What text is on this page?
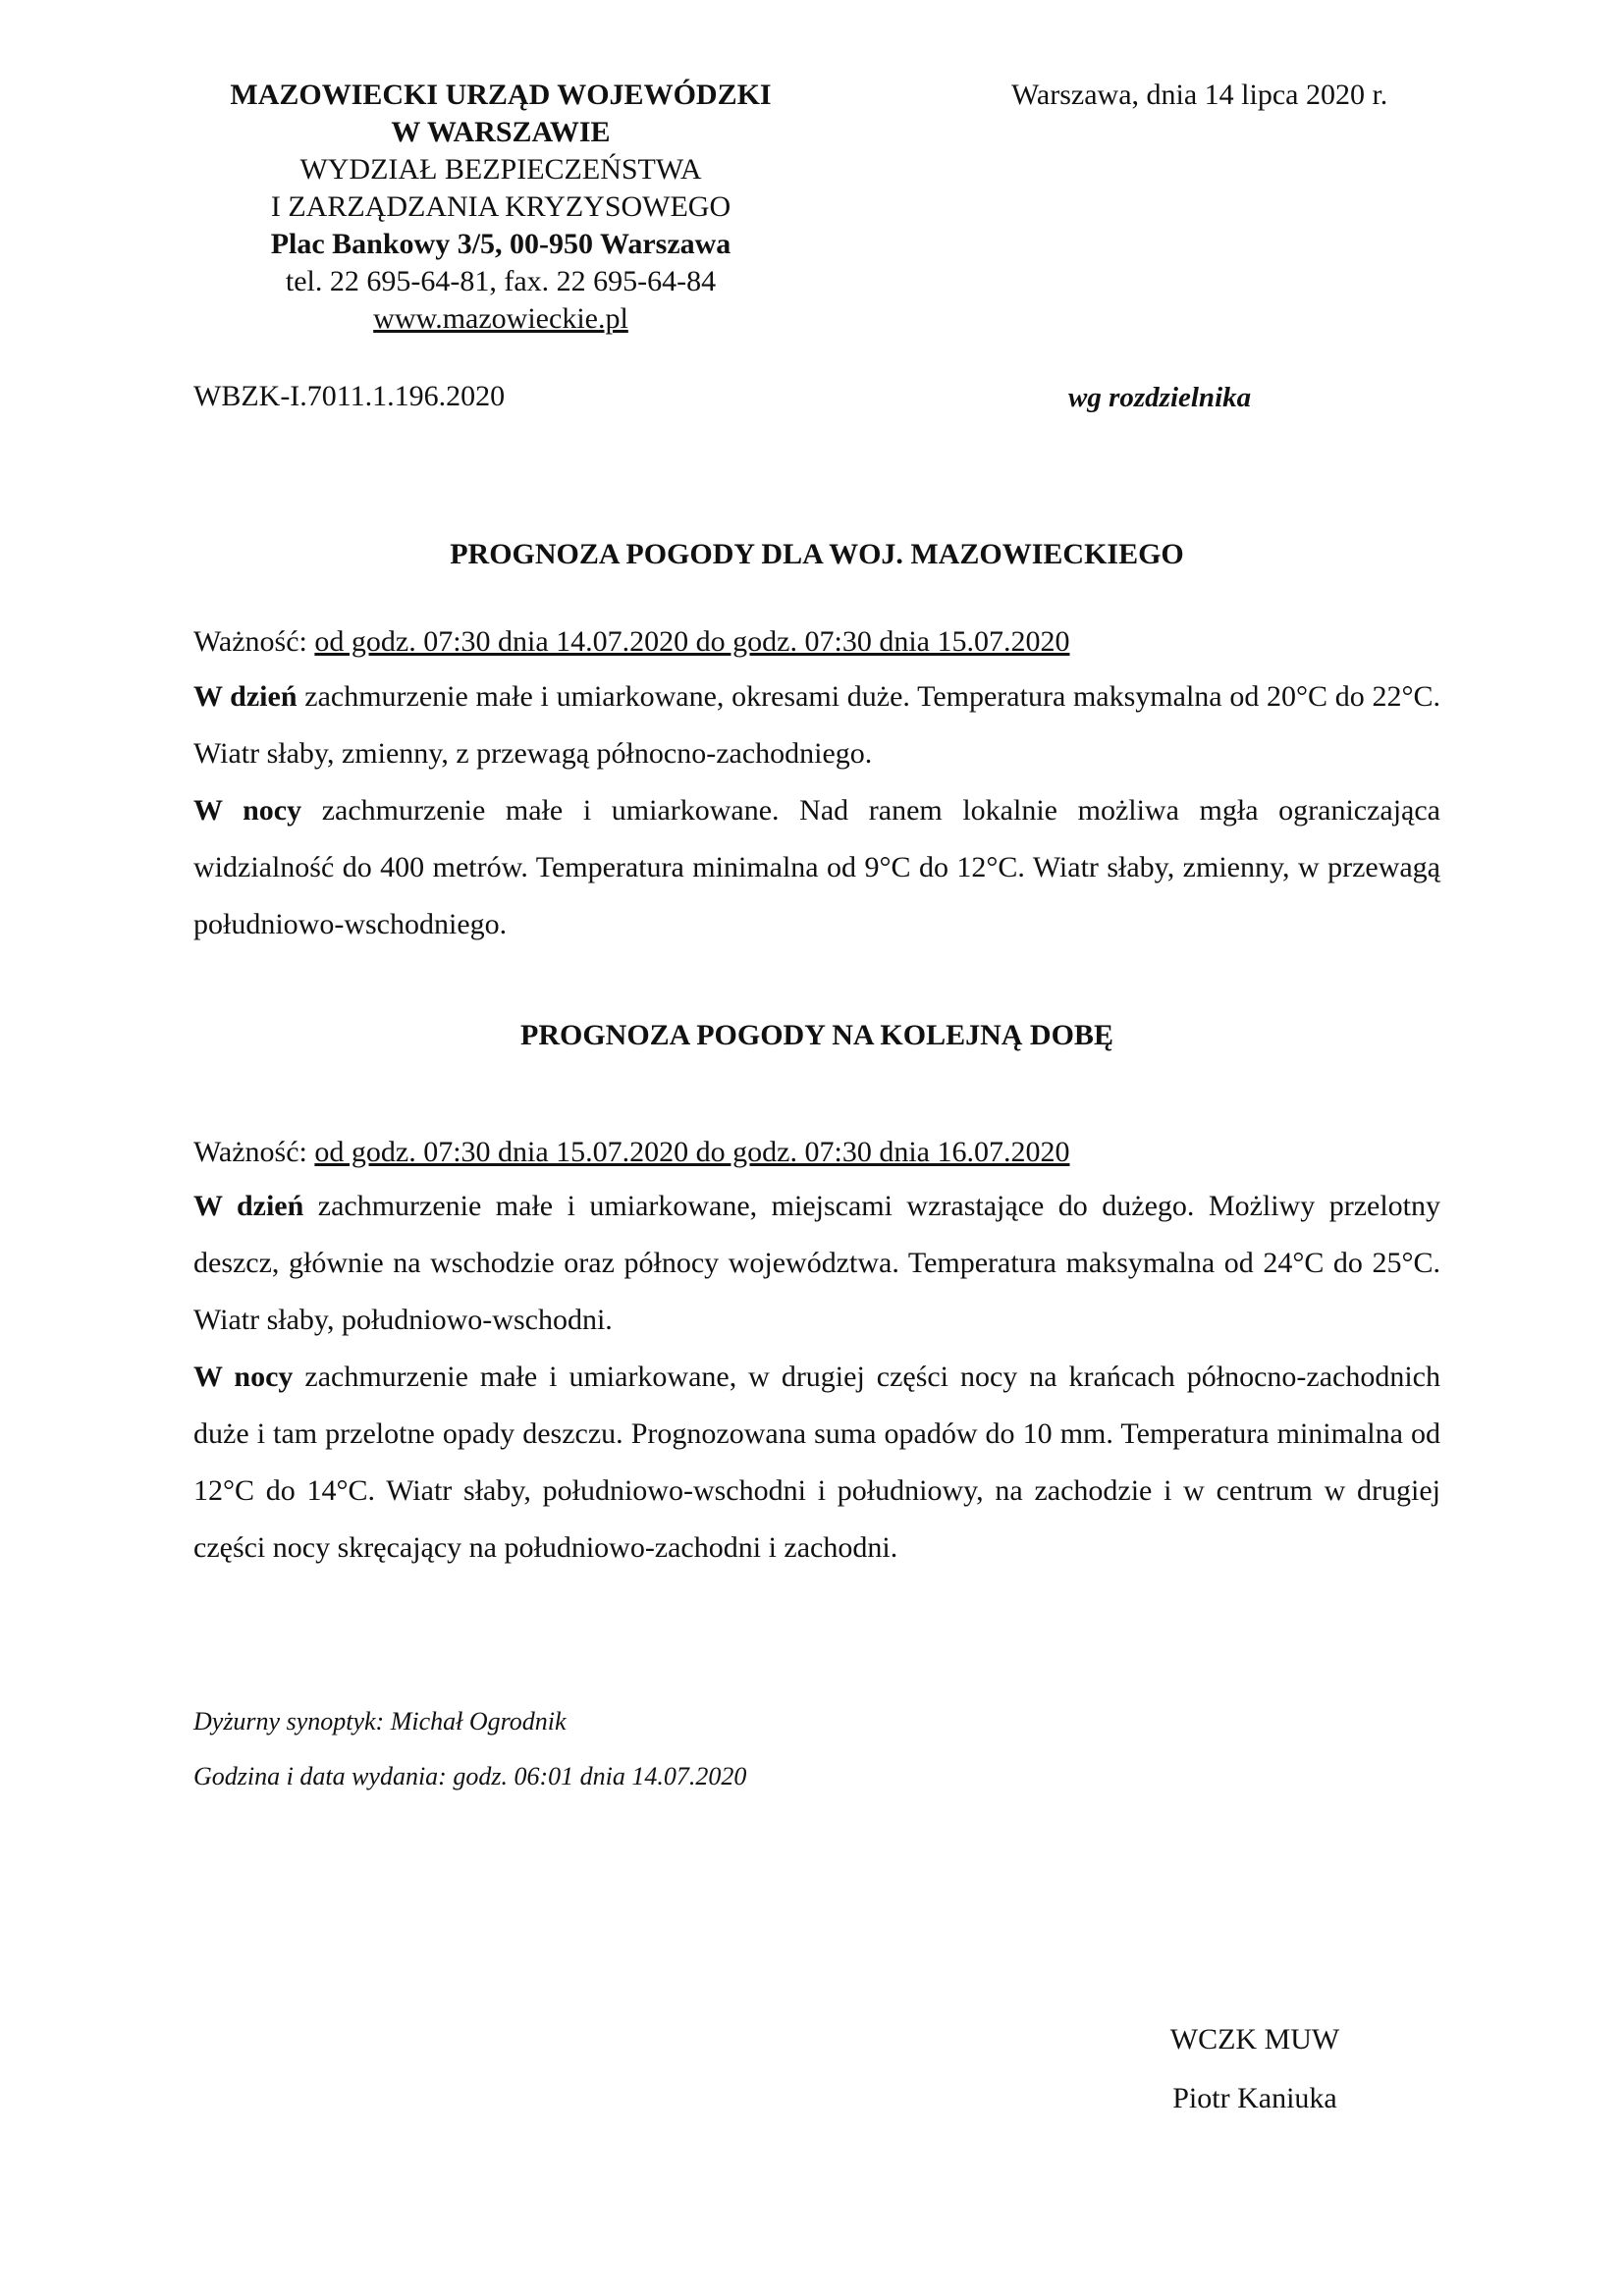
MAZOWIECKI URZĄD WOJEWÓDZKI
W WARSZAWIE
WYDZIAŁ BEZPIECZEŃSTWA
I ZARZĄDZANIA KRYZYSOWEGO
Plac Bankowy 3/5, 00-950 Warszawa
tel. 22 695-64-81, fax. 22 695-64-84
www.mazowieckie.pl
Warszawa, dnia 14 lipca 2020 r.
WBZK-I.7011.1.196.2020	wg rozdzielnika
PROGNOZA POGODY DLA WOJ. MAZOWIECKIEGO
Ważność: od godz. 07:30 dnia 14.07.2020 do godz. 07:30 dnia 15.07.2020

W dzień zachmurzenie małe i umiarkowane, okresami duże. Temperatura maksymalna od 20°C do 22°C. Wiatr słaby, zmienny, z przewagą północno-zachodniego.

W nocy zachmurzenie małe i umiarkowane. Nad ranem lokalnie możliwa mgła ograniczająca widzialność do 400 metrów. Temperatura minimalna od 9°C do 12°C. Wiatr słaby, zmienny, w przewagą południowo-wschodniego.

PROGNOZA POGODY NA KOLEJNĄ DOBĘ
Ważność: od godz. 07:30 dnia 15.07.2020 do godz. 07:30 dnia 16.07.2020

W dzień zachmurzenie małe i umiarkowane, miejscami wzrastające do dużego. Możliwy przelotny deszcz, głównie na wschodzie oraz północy województwa. Temperatura maksymalna od 24°C do 25°C. Wiatr słaby, południowo-wschodni.

W nocy zachmurzenie małe i umiarkowane, w drugiej części nocy na krańcach północno-zachodnich duże i tam przelotne opady deszczu. Prognozowana suma opadów do 10 mm. Temperatura minimalna od 12°C do 14°C. Wiatr słaby, południowo-wschodni i południowy, na zachodzie i w centrum w drugiej części nocy skręcający na południowo-zachodni i zachodni.

Dyżurny synoptyk: Michał Ogrodnik
Godzina i data wydania: godz. 06:01 dnia 14.07.2020
WCZK MUW
Piotr Kaniuka
